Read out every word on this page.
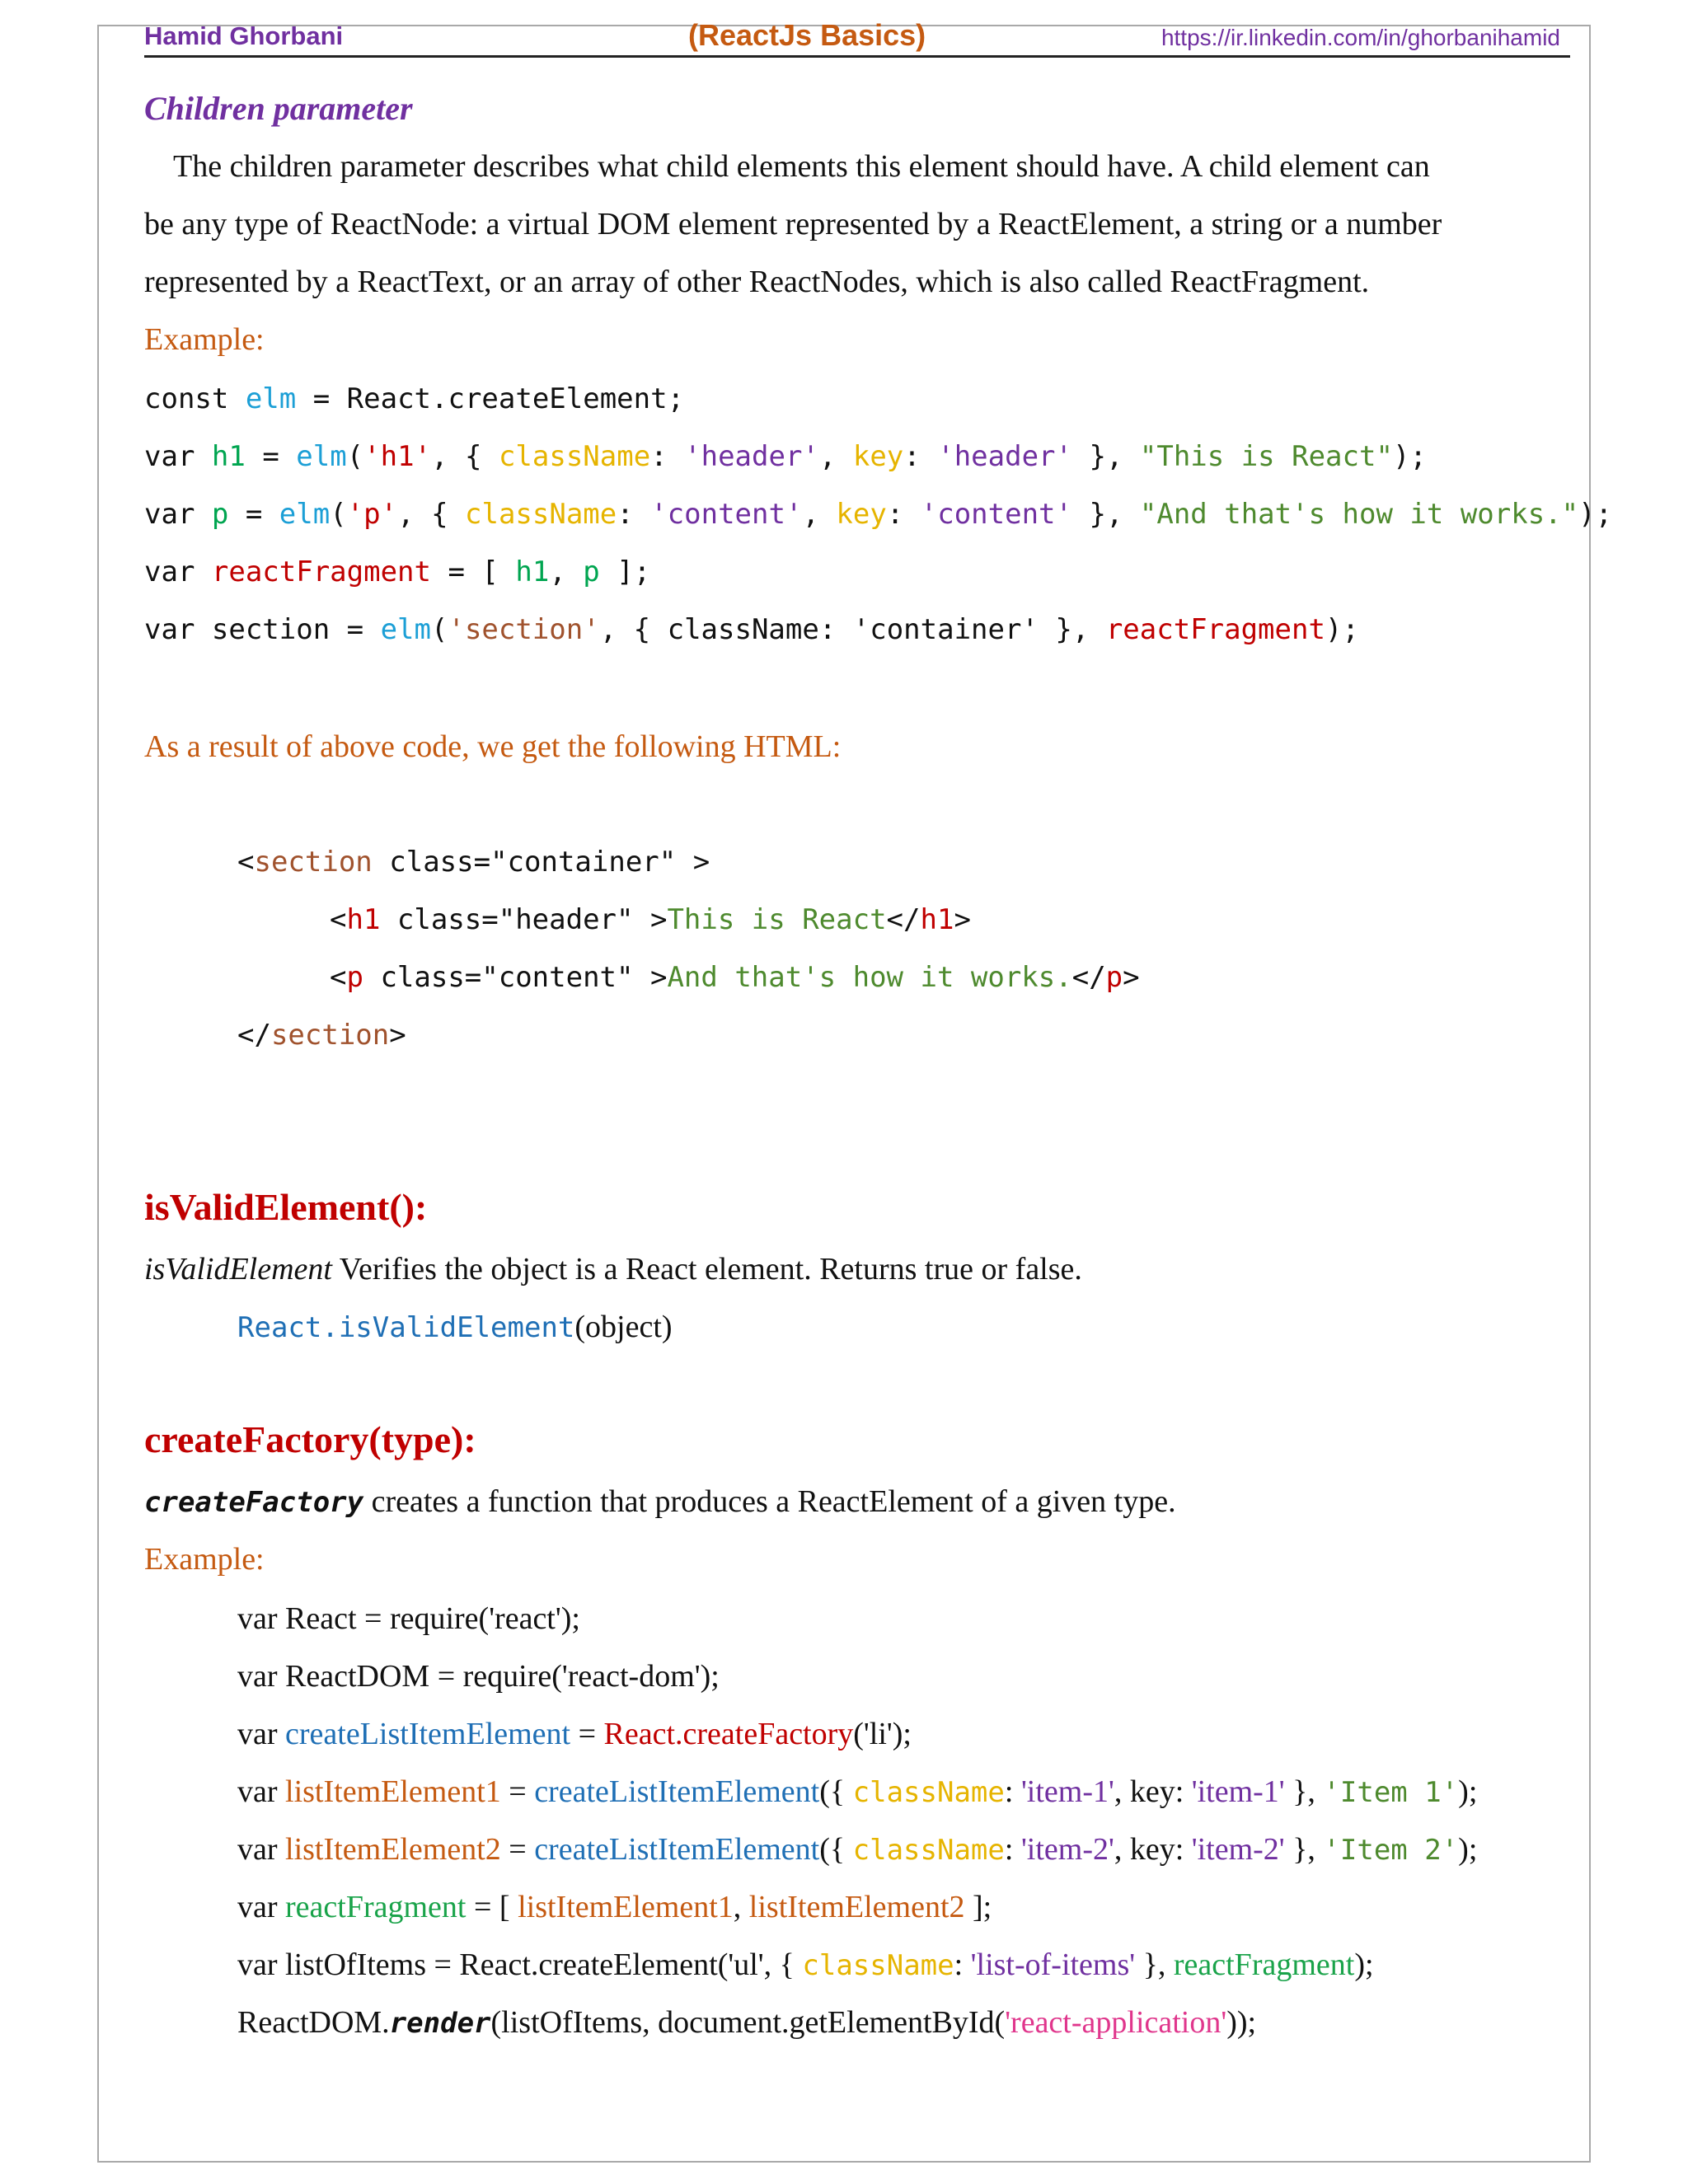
Hamid Ghorbani	(ReactJs Basics)	https://ir.linkedin.com/in/ghorbanihamid
Children parameter
The children parameter describes what child elements this element should have. A child element can
be any type of ReactNode: a virtual DOM element represented by a ReactElement, a string or a number
represented by a ReactText, or an array of other ReactNodes, which is also called ReactFragment.
Example:
const elm = React.createElement;
var h1 = elm('h1', { className: 'header', key: 'header' }, "This is React");
var p = elm('p', { className: 'content', key: 'content' }, "And that's how it works.");
var reactFragment = [ h1, p ];
var section = elm('section', { className: 'container' }, reactFragment);
As a result of above code, we get the following HTML:
<section class="container" >
<h1 class="header" >This is React</h1>
<p class="content" >And that's how it works.</p>
</section>
isValidElement():
isValidElement Verifies the object is a React element. Returns true or false.
React.isValidElement(object)
createFactory(type):
createFactory creates a function that produces a ReactElement of a given type.
Example:
var React = require('react');
var ReactDOM = require('react-dom');
var createListItemElement = React.createFactory('li');
var listItemElement1 = createListItemElement({ className: 'item-1', key: 'item-1' }, 'Item 1');
var listItemElement2 = createListItemElement({ className: 'item-2', key: 'item-2' }, 'Item 2');
var reactFragment = [ listItemElement1, listItemElement2 ];
var listOfItems = React.createElement('ul', { className: 'list-of-items' }, reactFragment);
ReactDOM.render(listOfItems, document.getElementById('react-application'));
